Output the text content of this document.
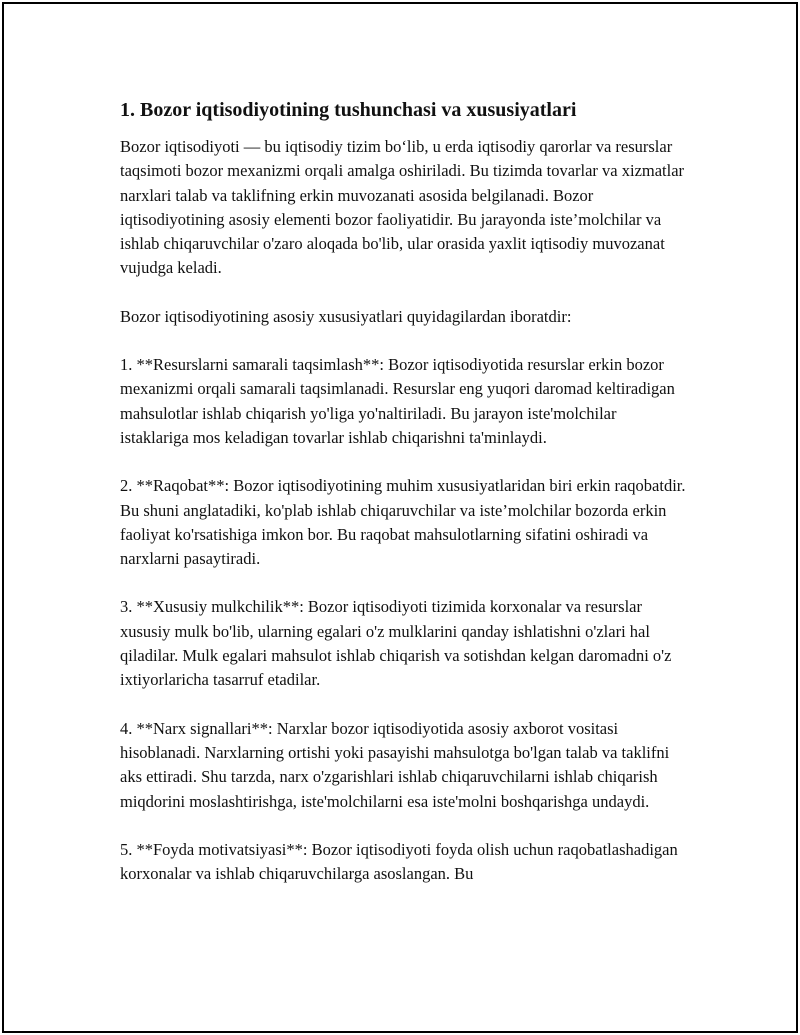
1. Bozor iqtisodiyotining tushunchasi va xususiyatlari

Bozor iqtisodiyoti — bu iqtisodiy tizim bo‘lib, u erda iqtisodiy qarorlar va resurslar taqsimoti bozor mexanizmi orqali amalga oshiriladi. Bu tizimda tovarlar va xizmatlar narxlari talab va taklifning erkin muvozanati asosida belgilanadi. Bozor iqtisodiyotining asosiy elementi bozor faoliyatidir. Bu jarayonda iste’molchilar va ishlab chiqaruvchilar o'zaro aloqada bo'lib, ular orasida yaxlit iqtisodiy muvozanat vujudga keladi.

Bozor iqtisodiyotining asosiy xususiyatlari quyidagilardan iboratdir:

1. **Resurslarni samarali taqsimlash**: Bozor iqtisodiyotida resurslar erkin bozor mexanizmi orqali samarali taqsimlanadi. Resurslar eng yuqori daromad keltiradigan mahsulotlar ishlab chiqarish yo'liga yo'naltiriladi. Bu jarayon iste'molchilar istaklariga mos keladigan tovarlar ishlab chiqarishni ta'minlaydi.

2. **Raqobat**: Bozor iqtisodiyotining muhim xususiyatlaridan biri erkin raqobatdir. Bu shuni anglatadiki, ko'plab ishlab chiqaruvchilar va iste’molchilar bozorda erkin faoliyat ko'rsatishiga imkon bor. Bu raqobat mahsulotlarning sifatini oshiradi va narxlarni pasaytiradi.

3. **Xususiy mulkchilik**: Bozor iqtisodiyoti tizimida korxonalar va resurslar xususiy mulk bo'lib, ularning egalari o'z mulklarini qanday ishlatishni o'zlari hal qiladilar. Mulk egalari mahsulot ishlab chiqarish va sotishdan kelgan daromadni o'z ixtiyorlaricha tasarruf etadilar.

4. **Narx signallari**: Narxlar bozor iqtisodiyotida asosiy axborot vositasi hisoblanadi. Narxlarning ortishi yoki pasayishi mahsulotga bo'lgan talab va taklifni aks ettiradi. Shu tarzda, narx o'zgarishlari ishlab chiqaruvchilarni ishlab chiqarish miqdorini moslashtirishga, iste'molchilarni esa iste'molni boshqarishga undaydi.

5. **Foyda motivatsiyasi**: Bozor iqtisodiyoti foyda olish uchun raqobatlashadigan korxonalar va ishlab chiqaruvchilarga asoslangan. Bu
